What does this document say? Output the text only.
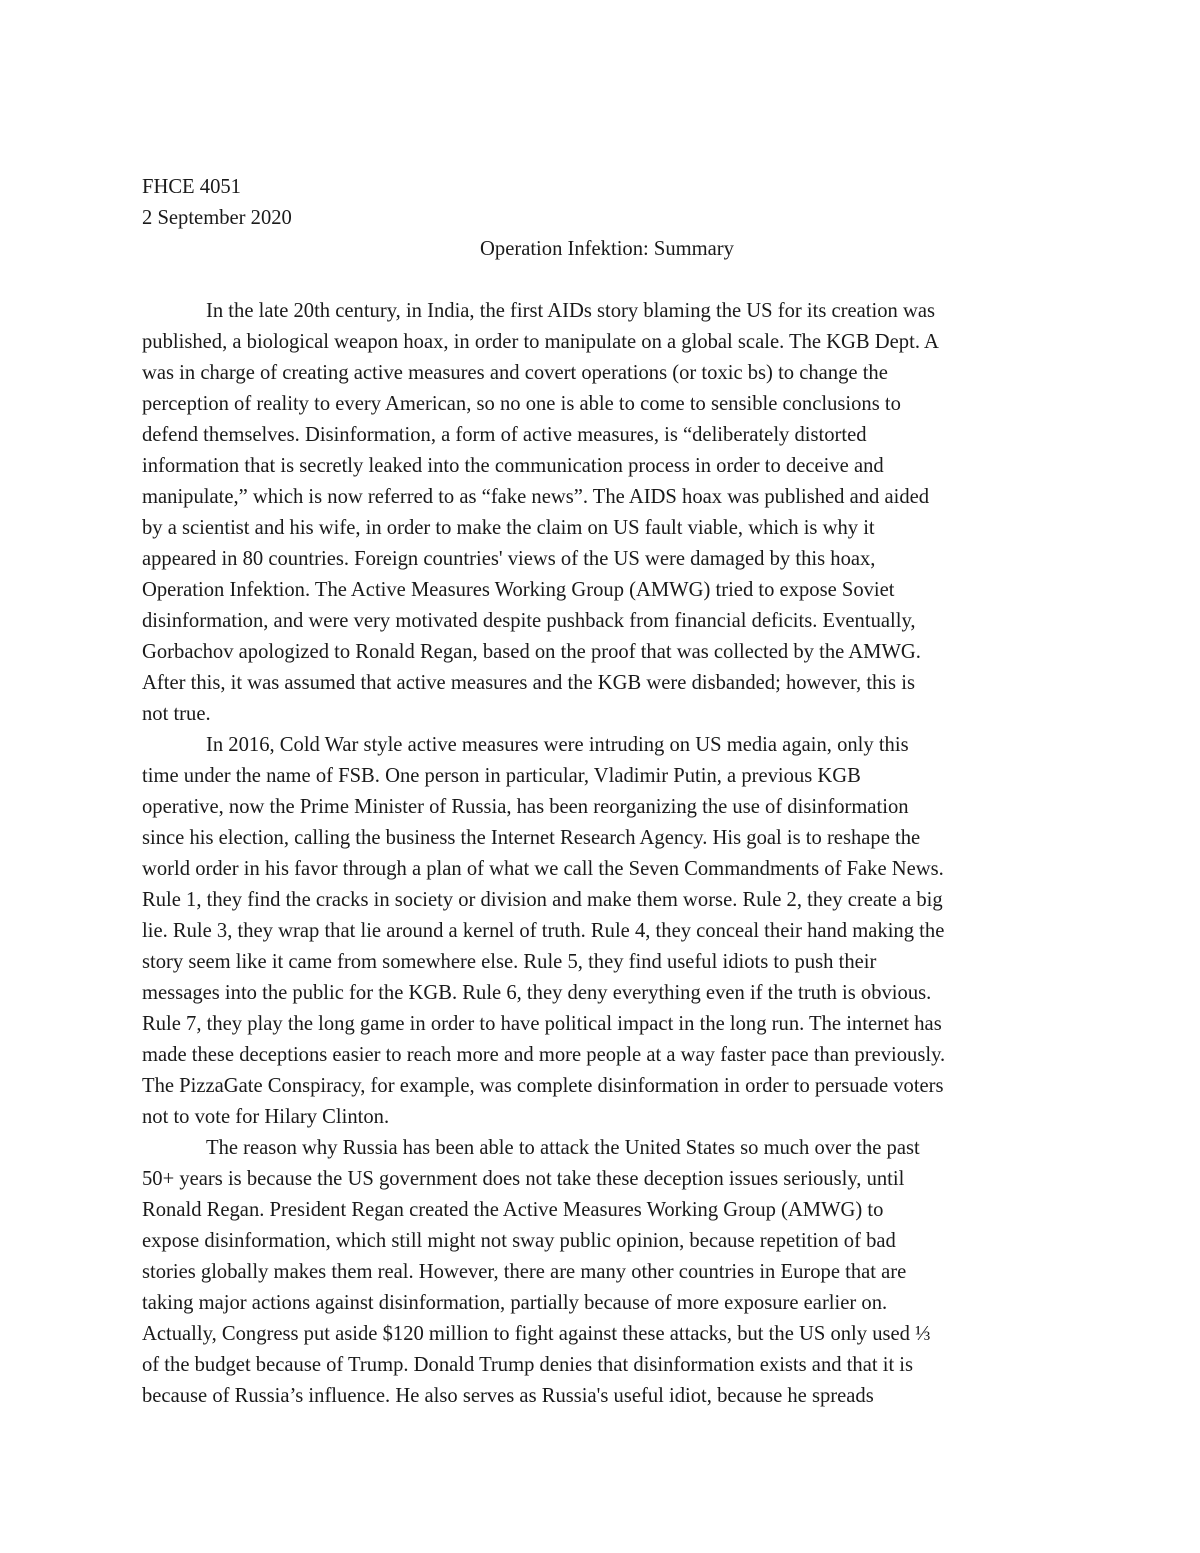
FHCE 4051
2 September 2020
Operation Infektion: Summary
In the late 20th century, in India, the first AIDs story blaming the US for its creation was
published, a biological weapon hoax, in order to manipulate on a global scale. The KGB Dept. A
was in charge of creating active measures and covert operations (or toxic bs) to change the
perception of reality to every American, so no one is able to come to sensible conclusions to
defend themselves. Disinformation, a form of active measures, is “deliberately distorted
information that is secretly leaked into the communication process in order to deceive and
manipulate,” which is now referred to as “fake news”. The AIDS hoax was published and aided
by a scientist and his wife, in order to make the claim on US fault viable, which is why it
appeared in 80 countries. Foreign countries' views of the US were damaged by this hoax,
Operation Infektion. The Active Measures Working Group (AMWG) tried to expose Soviet
disinformation, and were very motivated despite pushback from financial deficits. Eventually,
Gorbachov apologized to Ronald Regan, based on the proof that was collected by the AMWG.
After this, it was assumed that active measures and the KGB were disbanded; however, this is
not true.
In 2016, Cold War style active measures were intruding on US media again, only this
time under the name of FSB. One person in particular, Vladimir Putin, a previous KGB
operative, now the Prime Minister of Russia, has been reorganizing the use of disinformation
since his election, calling the business the Internet Research Agency. His goal is to reshape the
world order in his favor through a plan of what we call the Seven Commandments of Fake News.
Rule 1, they find the cracks in society or division and make them worse. Rule 2, they create a big
lie. Rule 3, they wrap that lie around a kernel of truth. Rule 4, they conceal their hand making the
story seem like it came from somewhere else. Rule 5, they find useful idiots to push their
messages into the public for the KGB. Rule 6, they deny everything even if the truth is obvious.
Rule 7, they play the long game in order to have political impact in the long run. The internet has
made these deceptions easier to reach more and more people at a way faster pace than previously.
The PizzaGate Conspiracy, for example, was complete disinformation in order to persuade voters
not to vote for Hilary Clinton.
The reason why Russia has been able to attack the United States so much over the past
50+ years is because the US government does not take these deception issues seriously, until
Ronald Regan. President Regan created the Active Measures Working Group (AMWG) to
expose disinformation, which still might not sway public opinion, because repetition of bad
stories globally makes them real. However, there are many other countries in Europe that are
taking major actions against disinformation, partially because of more exposure earlier on.
Actually, Congress put aside $120 million to fight against these attacks, but the US only used ⅓
of the budget because of Trump. Donald Trump denies that disinformation exists and that it is
because of Russia’s influence. He also serves as Russia's useful idiot, because he spreads
